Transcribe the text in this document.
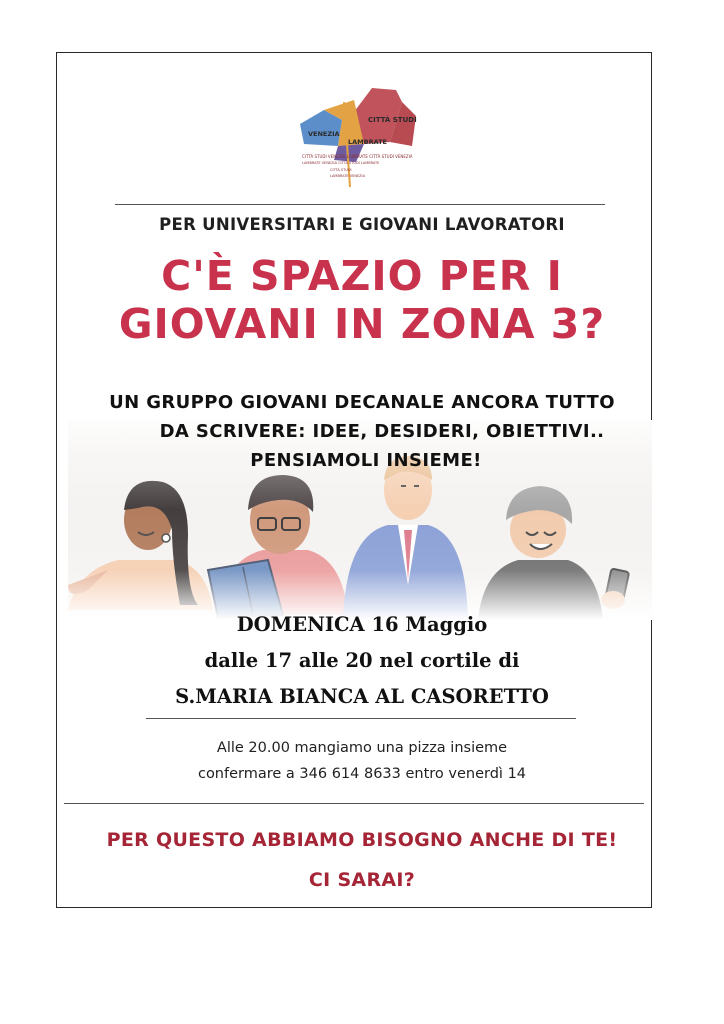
CITTÀ STUDI
VENEZIA
LAMBRATE
CITTÀ STUDI VENEZIA LAMBRATE CITTÀ STUDI VENEZIA
LAMBRATE VENEZIA CITTÀ STUDI LAMBRATE
CITTÀ STUDI
LAMBRATE VENEZIA
PER UNIVERSITARI E GIOVANI LAVORATORI
C'È SPAZIO PER I
GIOVANI IN ZONA 3?
UN GRUPPO GIOVANI DECANALE ANCORA TUTTO
DA SCRIVERE: IDEE, DESIDERI, OBIETTIVI..
PENSIAMOLI INSIEME!
DOMENICA 16 Maggio
dalle 17 alle 20 nel cortile di
S.MARIA BIANCA AL CASORETTO
Alle 20.00 mangiamo una pizza insieme
confermare a 346 614 8633 entro venerdì 14
PER QUESTO ABBIAMO BISOGNO ANCHE DI TE!
CI SARAI?
